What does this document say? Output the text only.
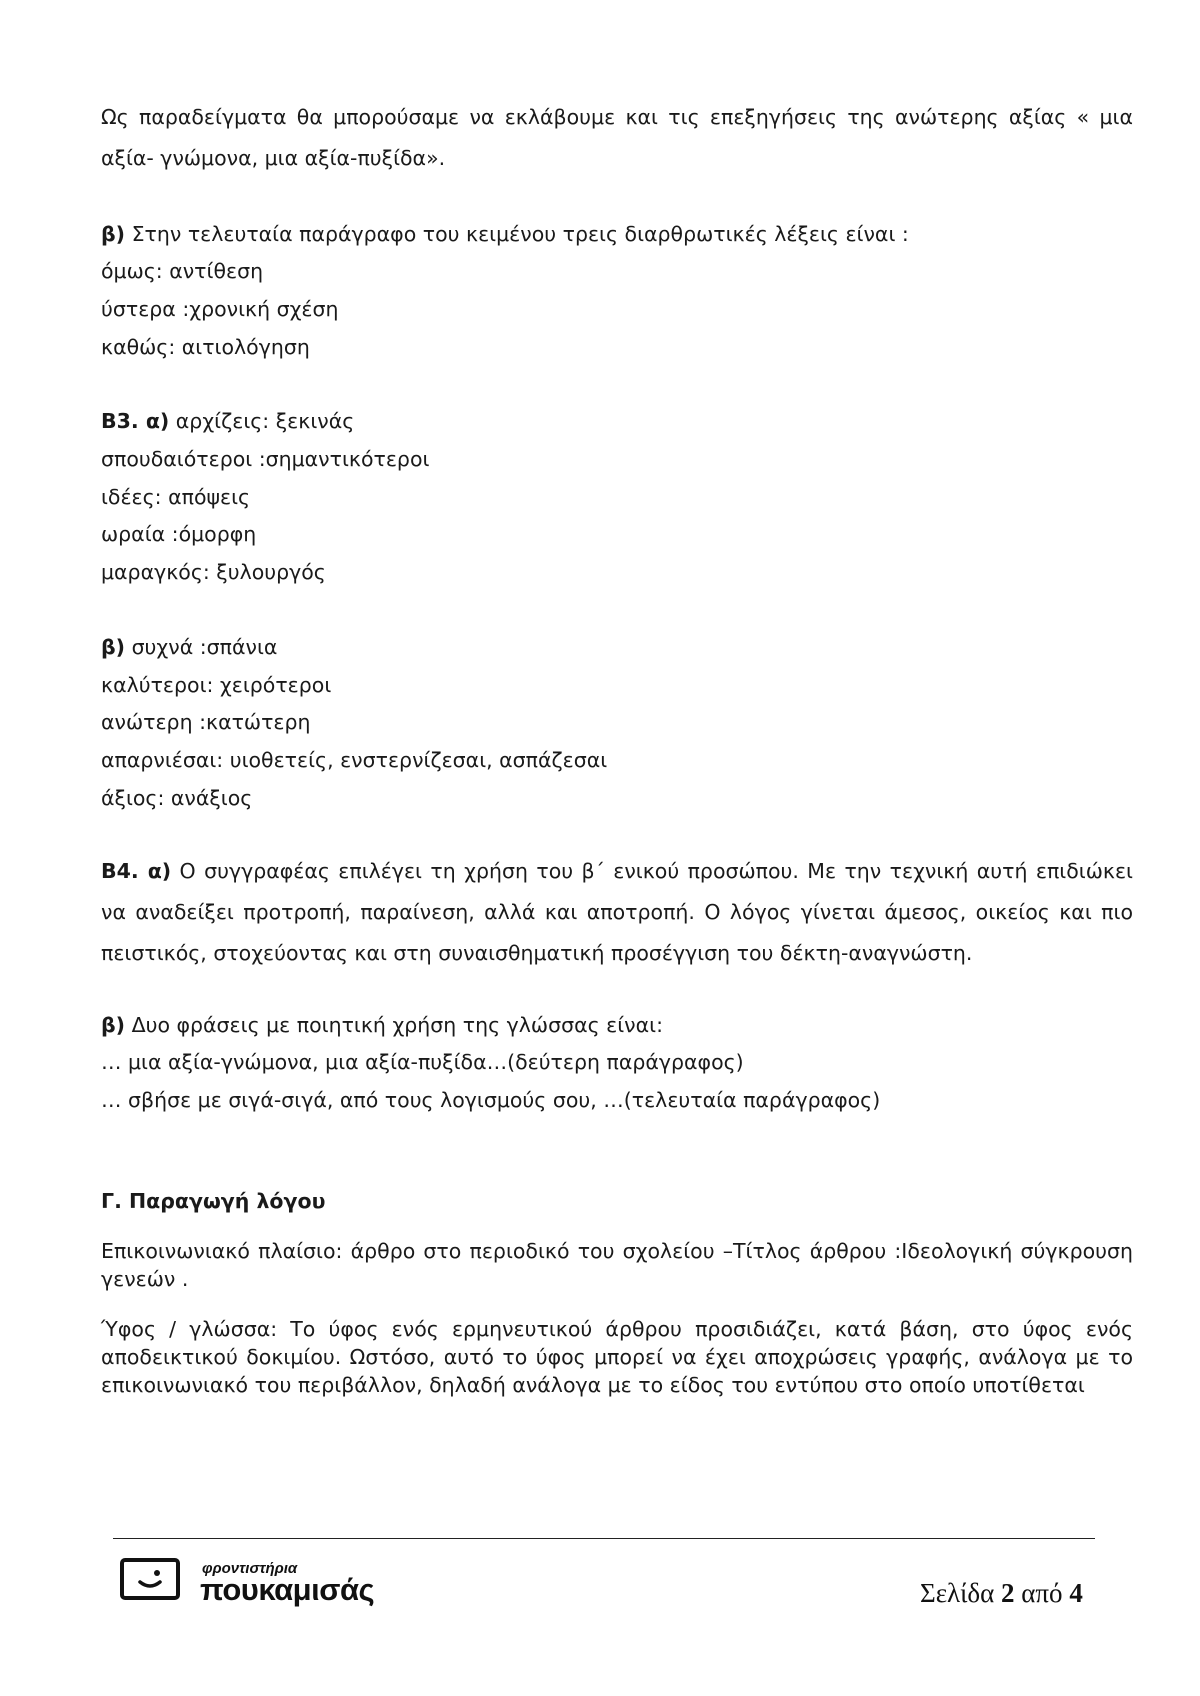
Ως παραδείγματα θα μπορούσαμε να εκλάβουμε και τις επεξηγήσεις της ανώτερης αξίας « μια αξία- γνώμονα, μια αξία-πυξίδα».

β) Στην τελευταία παράγραφο του κειμένου τρεις διαρθρωτικές λέξεις είναι :

όμως: αντίθεση

ύστερα :χρονική σχέση

καθώς: αιτιολόγηση

Β3. α) αρχίζεις: ξεκινάς

σπουδαιότεροι :σημαντικότεροι

ιδέες: απόψεις

ωραία :όμορφη

μαραγκός: ξυλουργός

β) συχνά :σπάνια

καλύτεροι: χειρότεροι

ανώτερη :κατώτερη

απαρνιέσαι: υιοθετείς, ενστερνίζεσαι, ασπάζεσαι

άξιος: ανάξιος

Β4. α) Ο συγγραφέας επιλέγει τη χρήση του β΄ ενικού προσώπου. Με την τεχνική αυτή επιδιώκει να αναδείξει προτροπή, παραίνεση, αλλά και αποτροπή. Ο λόγος γίνεται άμεσος, οικείος και πιο πειστικός, στοχεύοντας και στη συναισθηματική προσέγγιση του δέκτη-αναγνώστη.

β) Δυο φράσεις με ποιητική χρήση της γλώσσας είναι:

… μια αξία-γνώμονα, μια αξία-πυξίδα…(δεύτερη παράγραφος)

… σβήσε με σιγά-σιγά, από τους λογισμούς σου, …(τελευταία παράγραφος)

Γ. Παραγωγή λόγου

Επικοινωνιακό πλαίσιο: άρθρο στο περιοδικό του σχολείου –Τίτλος άρθρου :Ιδεολογική σύγκρουση γενεών .

Ύφος / γλώσσα: Το ύφος ενός ερμηνευτικού άρθρου προσιδιάζει, κατά βάση, στο ύφος ενός αποδεικτικού δοκιμίου. Ωστόσο, αυτό το ύφος μπορεί να έχει αποχρώσεις γραφής, ανάλογα με το επικοινωνιακό του περιβάλλον, δηλαδή ανάλογα με το είδος του εντύπου στο οποίο υποτίθεται

φροντιστήρια
πουκαμισάς	Σελίδα 2 από 4
